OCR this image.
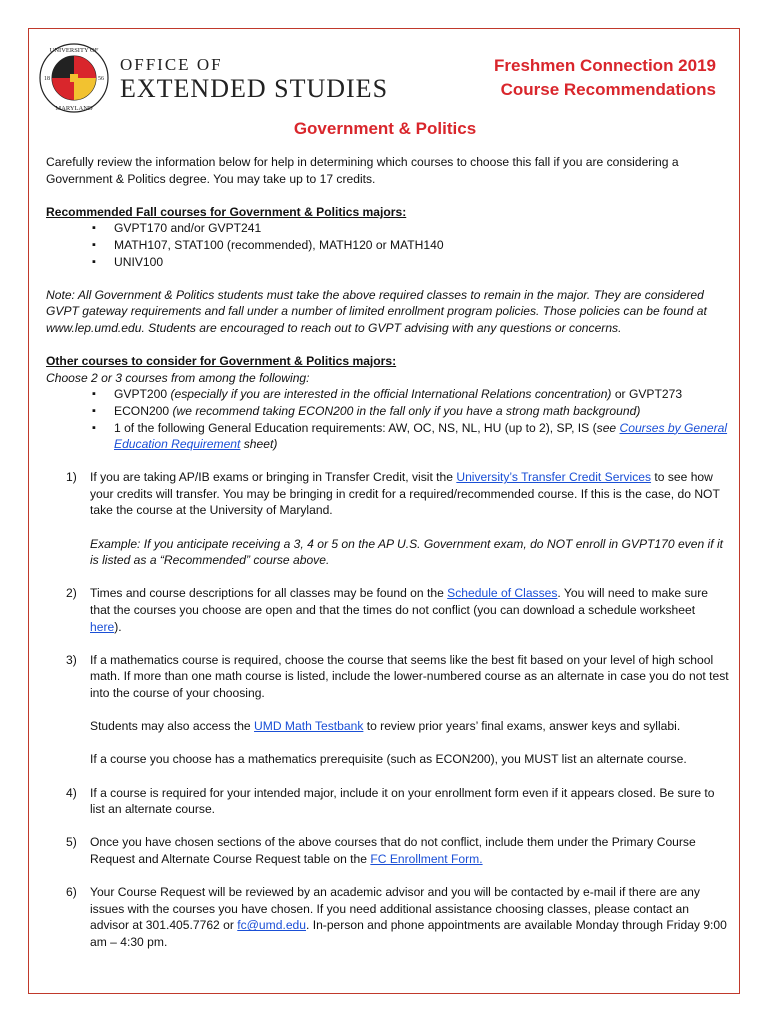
UNIVERSITY OF
MARYLAND
18	56
OFFICE OF
EXTENDED STUDIES
Freshmen Connection 2019
Course Recommendations
Government & Politics

Carefully review the information below for help in determining which courses to choose this fall if you are considering a Government & Politics degree. You may take up to 17 credits.

Recommended Fall courses for Government & Politics majors:

▪ GVPT170 and/or GVPT241
▪ MATH107, STAT100 (recommended), MATH120 or MATH140
▪ UNIV100

Note: All Government & Politics students must take the above required classes to remain in the major. They are considered GVPT gateway requirements and fall under a number of limited enrollment program policies. Those policies can be found at www.lep.umd.edu. Students are encouraged to reach out to GVPT advising with any questions or concerns.

Other courses to consider for Government & Politics majors:

Choose 2 or 3 courses from among the following:

▪ GVPT200 (especially if you are interested in the official International Relations concentration) or GVPT273
▪ ECON200 (we recommend taking ECON200 in the fall only if you have a strong math background)
▪ 1 of the following General Education requirements: AW, OC, NS, NL, HU (up to 2), SP, IS (see Courses by General Education Requirement sheet)
1) If you are taking AP/IB exams or bringing in Transfer Credit, visit the University’s Transfer Credit Services to see how your credits will transfer. You may be bringing in credit for a required/recommended course. If this is the case, do NOT take the course at the University of Maryland.

Example: If you anticipate receiving a 3, 4 or 5 on the AP U.S. Government exam, do NOT enroll in GVPT170 even if it is listed as a “Recommended” course above.

2) Times and course descriptions for all classes may be found on the Schedule of Classes. You will need to make sure that the courses you choose are open and that the times do not conflict (you can download a schedule worksheet here).

3) If a mathematics course is required, choose the course that seems like the best fit based on your level of high school math. If more than one math course is listed, include the lower-numbered course as an alternate in case you do not test into the course of your choosing.

Students may also access the UMD Math Testbank to review prior years’ final exams, answer keys and syllabi.

If a course you choose has a mathematics prerequisite (such as ECON200), you MUST list an alternate course.

4) If a course is required for your intended major, include it on your enrollment form even if it appears closed. Be sure to list an alternate course.

5) Once you have chosen sections of the above courses that do not conflict, include them under the Primary Course Request and Alternate Course Request table on the FC Enrollment Form.

6) Your Course Request will be reviewed by an academic advisor and you will be contacted by e-mail if there are any issues with the courses you have chosen. If you need additional assistance choosing classes, please contact an advisor at 301.405.7762 or fc@umd.edu. In-person and phone appointments are available Monday through Friday 9:00 am – 4:30 pm.
